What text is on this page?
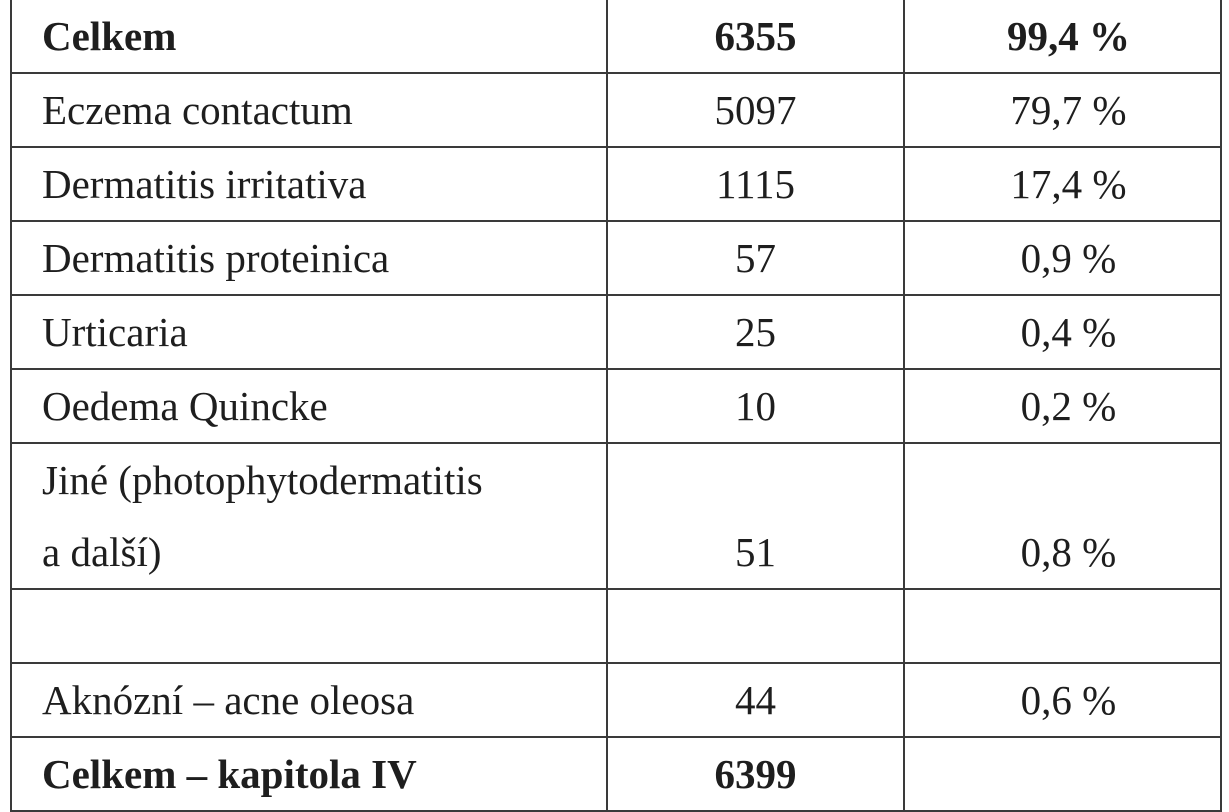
Celkem	6355	99,4 %
Eczema contactum	5097	79,7 %
Dermatitis irritativa	1115	17,4 %
Dermatitis proteinica	57	0,9 %
Urticaria	25	0,4 %
Oedema Quincke	10	0,2 %
Jiné (photophytodermatitis
a další)	51	0,8 %

Aknózní – acne oleosa	44	0,6 %
Celkem – kapitola IV	6399	
